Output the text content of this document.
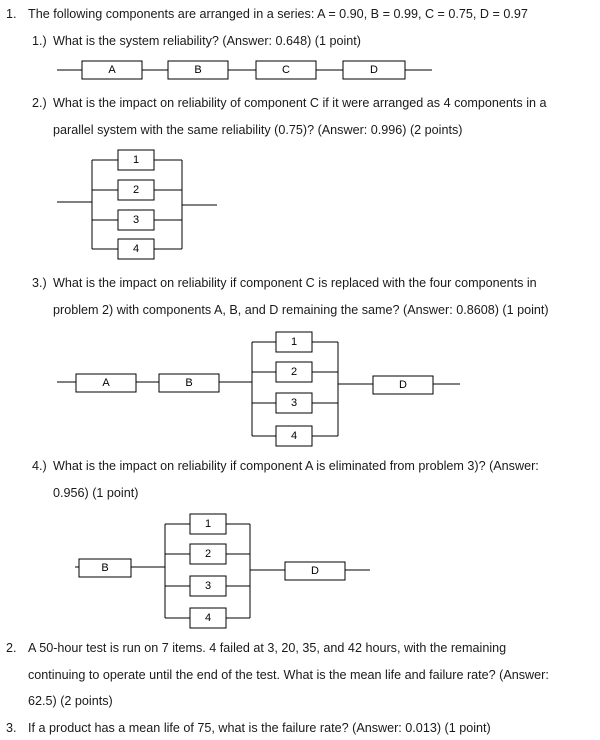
1. The following components are arranged in a series: A = 0.90, B = 0.99, C = 0.75, D = 0.97
1.) What is the system reliability? (Answer: 0.648) (1 point)
A	B	C	D
2.) What is the impact on reliability of component C if it were arranged as 4 components in a
parallel system with the same reliability (0.75)? (Answer: 0.996) (2 points)
1
2
3
4
3.) What is the impact on reliability if component C is replaced with the four components in
problem 2) with components A, B, and D remaining the same? (Answer: 0.8608) (1 point)
A	B
1
2
3
4
D
4.) What is the impact on reliability if component A is eliminated from problem 3)? (Answer:
0.956) (1 point)
B
1
2
3
4
D
2. A 50-hour test is run on 7 items. 4 failed at 3, 20, 35, and 42 hours, with the remaining
continuing to operate until the end of the test. What is the mean life and failure rate? (Answer:
62.5) (2 points)
3. If a product has a mean life of 75, what is the failure rate? (Answer: 0.013) (1 point)
